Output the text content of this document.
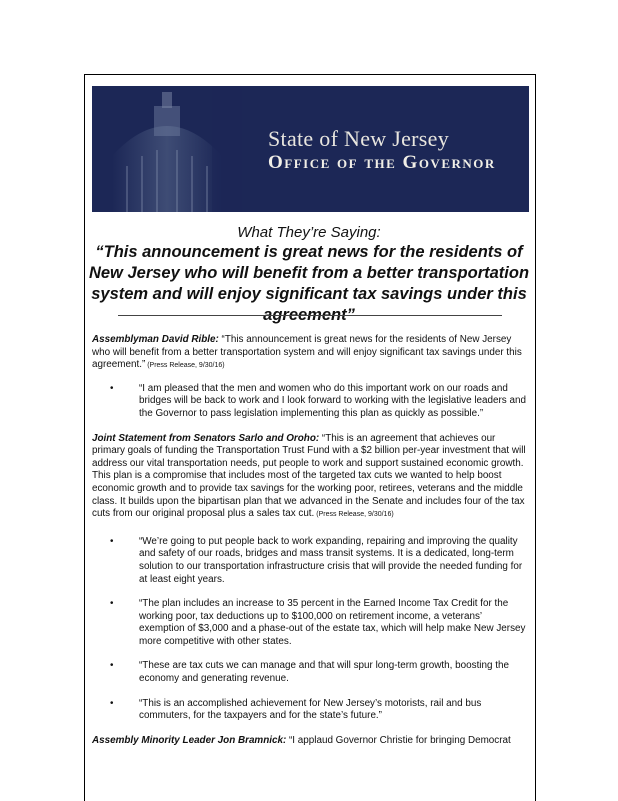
State of New Jersey
Office of the Governor
What They’re Saying:
“This announcement is great news for the residents of New Jersey who will benefit from a better transportation system and will enjoy significant tax savings under this agreement”

Assemblyman David Rible: “This announcement is great news for the residents of New Jersey who will benefit from a better transportation system and will enjoy significant tax savings under this agreement.” (Press Release, 9/30/16)

•	“I am pleased that the men and women who do this important work on our roads and bridges will be back to work and I look forward to working with the legislative leaders and the Governor to pass legislation implementing this plan as quickly as possible.”

Joint Statement from Senators Sarlo and Oroho: “This is an agreement that achieves our primary goals of funding the Transportation Trust Fund with a $2 billion per-year investment that will address our vital transportation needs, put people to work and support sustained economic growth. This plan is a compromise that includes most of the targeted tax cuts we wanted to help boost economic growth and to provide tax savings for the working poor, retirees, veterans and the middle class. It builds upon the bipartisan plan that we advanced in the Senate and includes four of the tax cuts from our original proposal plus a sales tax cut. (Press Release, 9/30/16)

•	“We’re going to put people back to work expanding, repairing and improving the quality and safety of our roads, bridges and mass transit systems. It is a dedicated, long-term solution to our transportation infrastructure crisis that will provide the needed funding for at least eight years.
•	“The plan includes an increase to 35 percent in the Earned Income Tax Credit for the working poor, tax deductions up to $100,000 on retirement income, a veterans’ exemption of $3,000 and a phase-out of the estate tax, which will help make New Jersey more competitive with other states.
•	“These are tax cuts we can manage and that will spur long-term growth, boosting the economy and generating revenue.
•	“This is an accomplished achievement for New Jersey’s motorists, rail and bus commuters, for the taxpayers and for the state’s future.”

Assembly Minority Leader Jon Bramnick: “I applaud Governor Christie for bringing Democrat
